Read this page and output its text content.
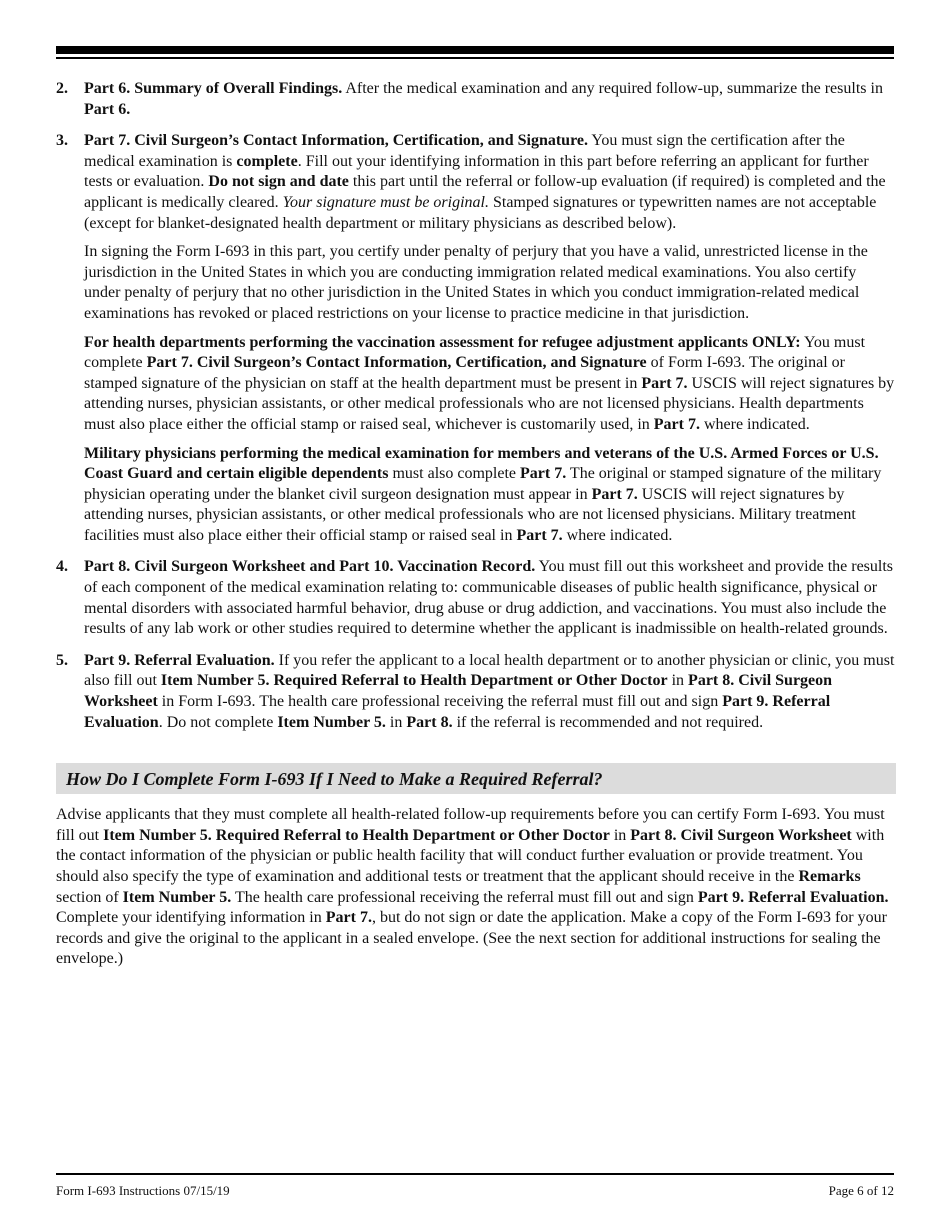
2. Part 6. Summary of Overall Findings. After the medical examination and any required follow-up, summarize the results in Part 6.

3. Part 7. Civil Surgeon’s Contact Information, Certification, and Signature. You must sign the certification after the medical examination is complete. Fill out your identifying information in this part before referring an applicant for further tests or evaluation. Do not sign and date this part until the referral or follow-up evaluation (if required) is completed and the applicant is medically cleared. Your signature must be original. Stamped signatures or typewritten names are not acceptable (except for blanket-designated health department or military physicians as described below).

In signing the Form I-693 in this part, you certify under penalty of perjury that you have a valid, unrestricted license in the jurisdiction in the United States in which you are conducting immigration related medical examinations. You also certify under penalty of perjury that no other jurisdiction in the United States in which you conduct immigration-related medical examinations has revoked or placed restrictions on your license to practice medicine in that jurisdiction.

For health departments performing the vaccination assessment for refugee adjustment applicants ONLY: You must complete Part 7. Civil Surgeon’s Contact Information, Certification, and Signature of Form I-693. The original or stamped signature of the physician on staff at the health department must be present in Part 7. USCIS will reject signatures by attending nurses, physician assistants, or other medical professionals who are not licensed physicians. Health departments must also place either the official stamp or raised seal, whichever is customarily used, in Part 7. where indicated.

Military physicians performing the medical examination for members and veterans of the U.S. Armed Forces or U.S. Coast Guard and certain eligible dependents must also complete Part 7. The original or stamped signature of the military physician operating under the blanket civil surgeon designation must appear in Part 7. USCIS will reject signatures by attending nurses, physician assistants, or other medical professionals who are not licensed physicians. Military treatment facilities must also place either their official stamp or raised seal in Part 7. where indicated.

4. Part 8. Civil Surgeon Worksheet and Part 10. Vaccination Record. You must fill out this worksheet and provide the results of each component of the medical examination relating to: communicable diseases of public health significance, physical or mental disorders with associated harmful behavior, drug abuse or drug addiction, and vaccinations. You must also include the results of any lab work or other studies required to determine whether the applicant is inadmissible on health-related grounds.

5. Part 9. Referral Evaluation. If you refer the applicant to a local health department or to another physician or clinic, you must also fill out Item Number 5. Required Referral to Health Department or Other Doctor in Part 8. Civil Surgeon Worksheet in Form I-693. The health care professional receiving the referral must fill out and sign Part 9. Referral Evaluation. Do not complete Item Number 5. in Part 8. if the referral is recommended and not required.

How Do I Complete Form I-693 If I Need to Make a Required Referral?

Advise applicants that they must complete all health-related follow-up requirements before you can certify Form I-693. You must fill out Item Number 5. Required Referral to Health Department or Other Doctor in Part 8. Civil Surgeon Worksheet with the contact information of the physician or public health facility that will conduct further evaluation or provide treatment. You should also specify the type of examination and additional tests or treatment that the applicant should receive in the Remarks section of Item Number 5. The health care professional receiving the referral must fill out and sign Part 9. Referral Evaluation. Complete your identifying information in Part 7., but do not sign or date the application. Make a copy of the Form I-693 for your records and give the original to the applicant in a sealed envelope. (See the next section for additional instructions for sealing the envelope.)

Form I-693 Instructions 07/15/19	Page 6 of 12
